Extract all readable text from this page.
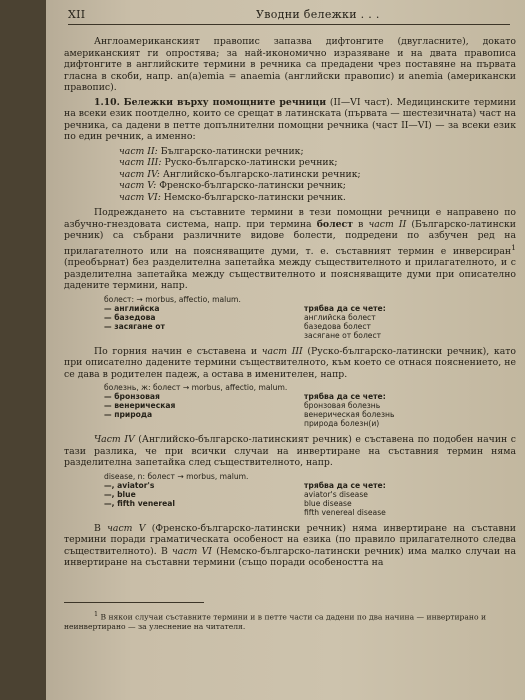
XII	Уводни бележки . . .

Англоамериканският правопис запазва дифтонгите (двугласните), докато американският ги опростява; за най-икономично изразяване и на двата правописа дифтонгите в английските термини в речника са предадени чрез поставяне на първата гласна в скоби, напр. an(a)emia = anaemia (английски правопис) и anemia (американски правопис).

1.10. Бележки върху помощните речници (II—VI част). Медицинските термини на всеки език поотделно, които се срещат в латинската (първата — шестезичната) част на речника, са дадени в петте допълнителни помощни речника (част II—VI) — за всеки език по един речник, а именно:

част II: Българско-латински речник;
част III: Руско-българско-латински речник;
част IV: Английско-българско-латински речник;
част V: Френско-българско-латински речник;
част VI: Немско-българско-латински речник.

Подреждането на съставните термини в тези помощни речници е направено по азбучно-гнездовата система, напр. при термина болест в част II (Българско-латински речник) са събрани различните видове болести, подредени по азбучен ред на прилагателното или на поясняващите думи, т. е. съставният термин е инверсиран$^1$ (преобърнат) без разделителна запетайка между съществителното и прилагателното, и с разделителна запетайка между съществителното и поясняващите думи при описателно дадените термини, напр.

болест: → morbus, affectio, malum.
— английска
— базедова
— засягане от
трябва да се чете:
английска болест
базедова болест
засягане от болест

По горния начин е съставена и част III (Руско-българско-латински речник), като при описателно дадените термини съществителното, към което се отнася пояснението, не се дава в родителен падеж, а остава в именителен, напр.

болезнь, ж: болест → morbus, affectio, malum.
— бронзовая
— венерическая
— природа
трябва да се чете:
бронзовая болезнь
венерическая болезнь
природа болезн(и)

Част IV (Английско-българско-латинският речник) е съставена по подобен начин с тази разлика, че при всички случаи на инвертиране на съставния термин няма разделителна запетайка след съществителното, напр.

disease, n: болест → morbus, malum.
—, aviator's
—, blue
—, fifth venereal
трябва да се чете:
aviator's disease
blue disease
fifth venereal disease

В част V (Френско-българско-латински речник) няма инвертиране на съставни термини поради граматическата особеност на езика (по правило прилагателното следва съществителното). В част VI (Немско-българско-латински речник) има малко случаи на инвертиране на съставни термини (също поради особеността на

$^1$ В някои случаи съставните термини и в петте части са дадени по два начина — инвертирано и неинвертирано — за улеснение на читателя.
